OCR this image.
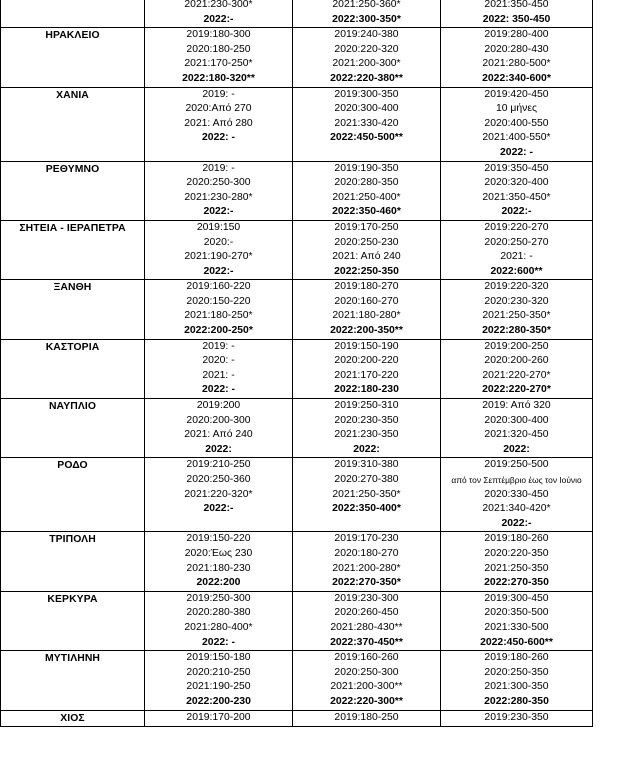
	2021:230-300*
2022:-	2021:250-360*
2022:300-350*	2021:350-450
2022: 350-450

ΗΡΑΚΛΕΙΟ	2019:180-300
2020:180-250
2021:170-250*
2022:180-320**	2019:240-380
2020:220-320
2021:200-300*
2022:220-380**	2019:280-400
2020:280-430
2021:280-500*
2022:340-600*

ΧΑΝΙΑ	2019: -
2020:Από 270
2021: Από 280
2022: -	2019:300-350
2020:300-400
2021:330-420
2022:450-500**	2019:420-450
10 μήνες
2020:400-550
2021:400-550*
2022: -

ΡΕΘΥΜΝΟ	2019: -
2020:250-300
2021:230-280*
2022:-	2019:190-350
2020:280-350
2021:250-400*
2022:350-460*	2019:350-450
2020:320-400
2021:350-450*
2022:-

ΣΗΤΕΙΑ - ΙΕΡΑΠΕΤΡΑ	2019:150
2020:-
2021:190-270*
2022:-	2019:170-250
2020:250-230
2021: Από 240
2022:250-350	2019:220-270
2020:250-270
2021: -
2022:600**

ΞΑΝΘΗ	2019:160-220
2020:150-220
2021:180-250*
2022:200-250*	2019:180-270
2020:160-270
2021:180-280*
2022:200-350**	2019:220-320
2020:230-320
2021:250-350*
2022:280-350*

ΚΑΣΤΟΡΙΑ	2019: -
2020: -
2021: -
2022: -	2019:150-190
2020:200-220
2021:170-220
2022:180-230	2019:200-250
2020:200-260
2021:220-270*
2022:220-270*

ΝΑΥΠΛΙΟ	2019:200
2020:200-300
2021: Από 240
2022:	2019:250-310
2020:230-350
2021:230-350
2022:	2019: Από 320
2020:300-400
2021:320-450
2022:

ΡΟΔΟ	2019:210-250
2020:250-360
2021:220-320*
2022:-	2019:310-380
2020:270-380
2021:250-350*
2022:350-400*	2019:250-500
από τον Σεπτέμβριο έως τον Ιούνιο
2020:330-450
2021:340-420*
2022:-

ΤΡΙΠΟΛΗ	2019:150-220
2020:Έως 230
2021:180-230
2022:200	2019:170-230
2020:180-270
2021:200-280*
2022:270-350*	2019:180-260
2020:220-350
2021:250-350
2022:270-350

ΚΕΡΚΥΡΑ	2019:250-300
2020:280-380
2021:280-400*
2022: -	2019:230-300
2020:260-450
2021:280-430**
2022:370-450**	2019:300-450
2020:350-500
2021:330-500
2022:450-600**

ΜΥΤΙΛΗΝΗ	2019:150-180
2020:210-250
2021:190-250
2022:200-230	2019:160-260
2020:250-300
2021:200-300**
2022:220-300**	2019:180-260
2020:250-350
2021:300-350
2022:280-350

ΧΙΟΣ	2019:170-200	2019:180-250	2019:230-350
